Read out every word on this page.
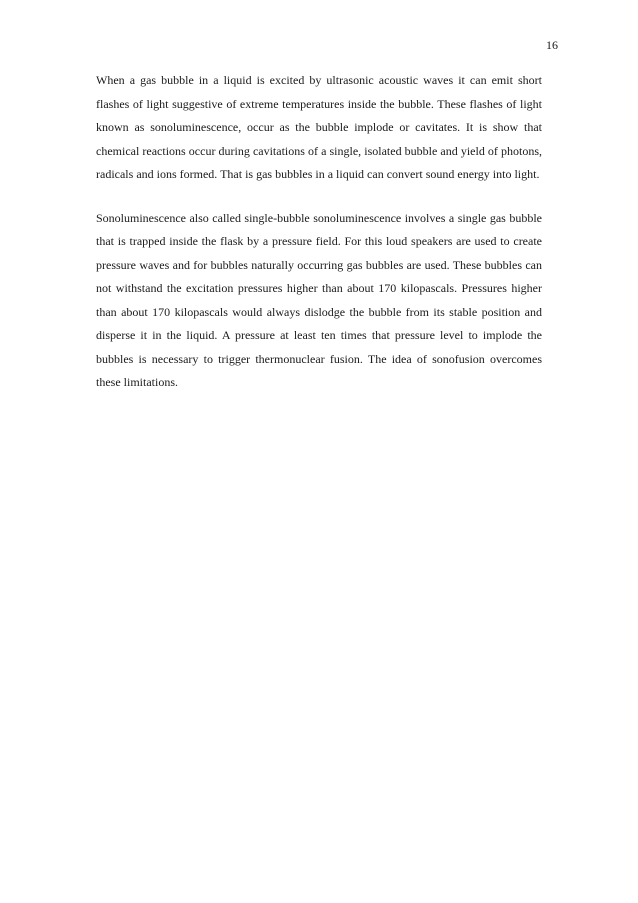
16

When a gas bubble in a liquid is excited by ultrasonic acoustic waves it can emit short flashes of light suggestive of extreme temperatures inside the bubble. These flashes of light known as sonoluminescence, occur as the bubble implode or cavitates. It is show that chemical reactions occur during cavitations of a single, isolated bubble and yield of photons, radicals and ions formed. That is gas bubbles in a liquid can convert sound energy into light.

Sonoluminescence also called single-bubble sonoluminescence involves a single gas bubble that is trapped inside the flask by a pressure field. For this loud speakers are used to create pressure waves and for bubbles naturally occurring gas bubbles are used. These bubbles can not withstand the excitation pressures higher than about 170 kilopascals. Pressures higher than about 170 kilopascals would always dislodge the bubble from its stable position and disperse it in the liquid. A pressure at least ten times that pressure level to implode the bubbles is necessary to trigger thermonuclear fusion. The idea of sonofusion overcomes these limitations.
